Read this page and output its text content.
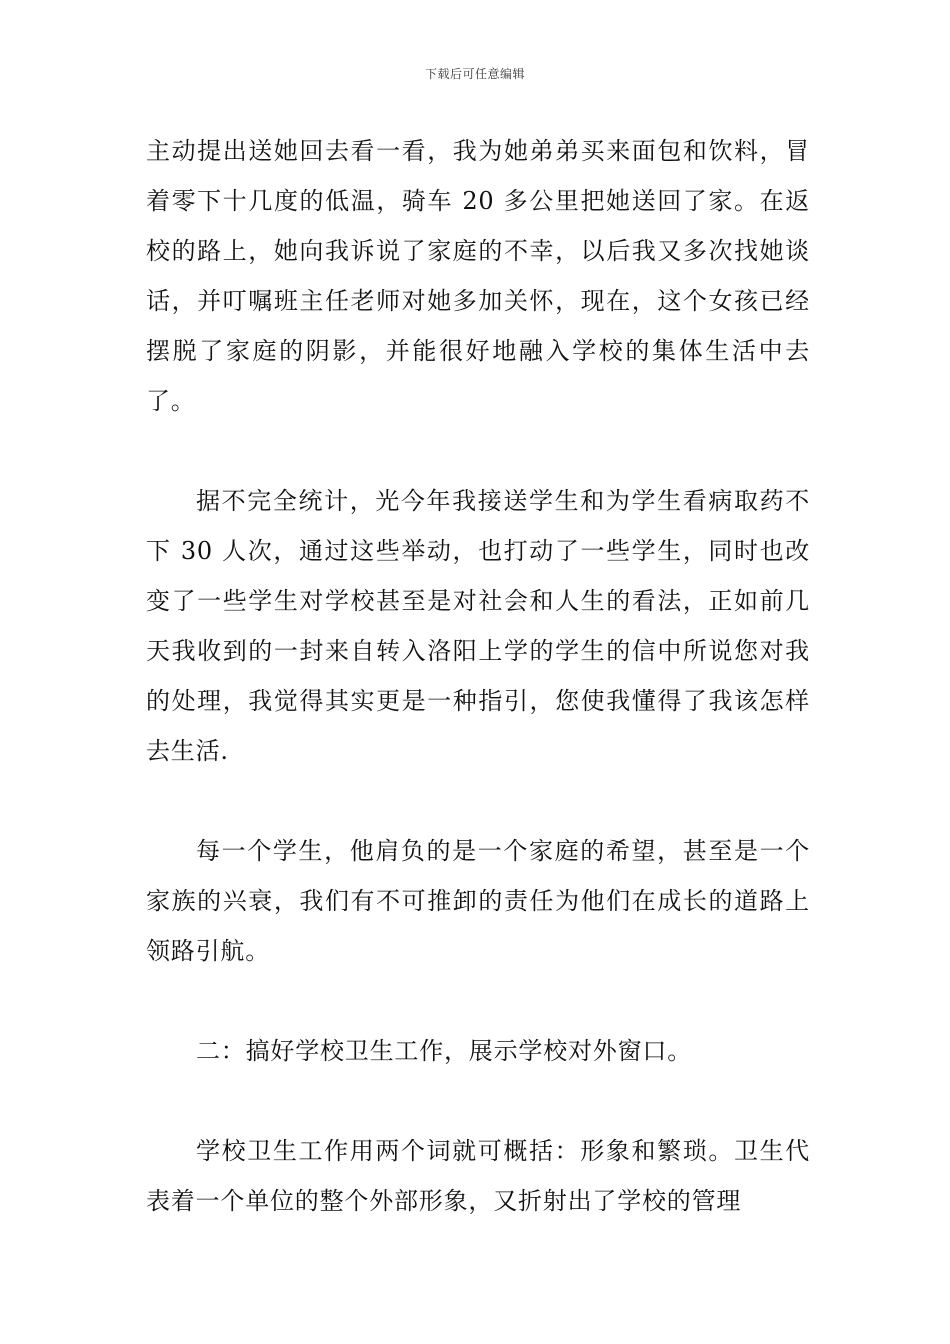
下载后可任意编辑

主动提出送她回去看一看，我为她弟弟买来面包和饮料，冒着零下十几度的低温，骑车 20 多公里把她送回了家。在返校的路上，她向我诉说了家庭的不幸，以后我又多次找她谈话，并叮嘱班主任老师对她多加关怀，现在，这个女孩已经摆脱了家庭的阴影，并能很好地融入学校的集体生活中去了。

据不完全统计，光今年我接送学生和为学生看病取药不下 30 人次，通过这些举动，也打动了一些学生，同时也改变了一些学生对学校甚至是对社会和人生的看法，正如前几天我收到的一封来自转入洛阳上学的学生的信中所说您对我的处理，我觉得其实更是一种指引，您使我懂得了我该怎样去生活.

每一个学生，他肩负的是一个家庭的希望，甚至是一个家族的兴衰，我们有不可推卸的责任为他们在成长的道路上领路引航。

二：搞好学校卫生工作，展示学校对外窗口。

学校卫生工作用两个词就可概括：形象和繁琐。卫生代表着一个单位的整个外部形象，又折射出了学校的管理
